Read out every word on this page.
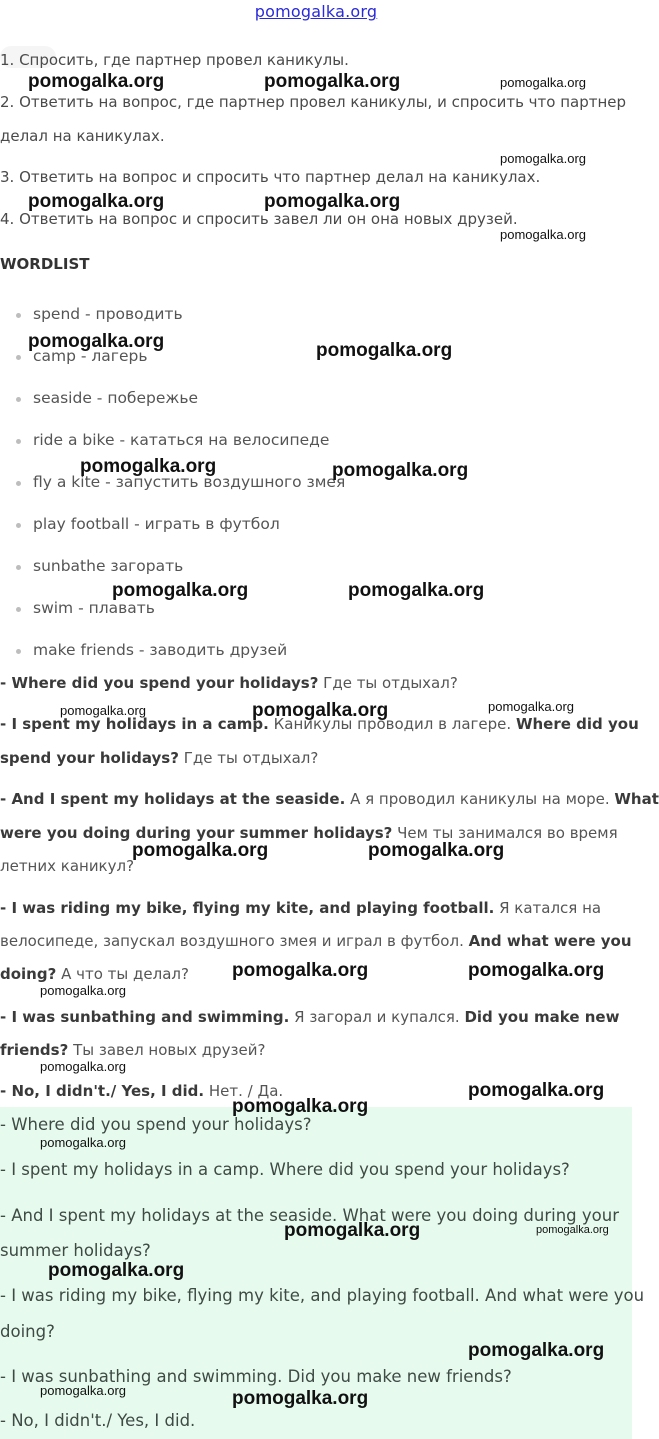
pomogalka.org
1. Спросить, где партнер провел каникулы.
2. Ответить на вопрос, где партнер провел каникулы, и спросить что партнер
делал на каникулах.
3. Ответить на вопрос и спросить что партнер делал на каникулах.
4. Ответить на вопрос и спросить завел ли он она новых друзей.
WORDLIST
spend - проводить
camp - лагерь
seaside - побережье
ride a bike - кататься на велосипеде
fly a kite - запустить воздушного змея
play football - играть в футбол
sunbathe загорать
swim - плавать
make friends - заводить друзей
- Where did you spend your holidays? Где ты отдыхал?
- I spent my holidays in a camp. Каникулы проводил в лагере. Where did you
spend your holidays? Где ты отдыхал?
- And I spent my holidays at the seaside. А я проводил каникулы на море. What
were you doing during your summer holidays? Чем ты занимался во время
летних каникул?
- I was riding my bike, flying my kite, and playing football. Я катался на
велосипеде, запускал воздушного змея и играл в футбол. And what were you
doing? А что ты делал?
- I was sunbathing and swimming. Я загорал и купался. Did you make new
friends? Ты завел новых друзей?
- No, I didn't./ Yes, I did. Нет. / Да.
- Where did you spend your holidays?
- I spent my holidays in a camp. Where did you spend your holidays?
- And I spent my holidays at the seaside. What were you doing during your
summer holidays?
- I was riding my bike, flying my kite, and playing football. And what were you
doing?
- I was sunbathing and swimming. Did you make new friends?
- No, I didn't./ Yes, I did.
pomogalka.org	pomogalka.org	pomogalka.org
pomogalka.org
pomogalka.org	pomogalka.org
pomogalka.org
pomogalka.org	pomogalka.org
pomogalka.org	pomogalka.org
pomogalka.org	pomogalka.org
pomogalka.org	pomogalka.org	pomogalka.org
pomogalka.org	pomogalka.org
pomogalka.org	pomogalka.org
pomogalka.org
pomogalka.org
pomogalka.org
pomogalka.org
pomogalka.org
pomogalka.org	pomogalka.org
pomogalka.org
pomogalka.org
pomogalka.org	pomogalka.org
